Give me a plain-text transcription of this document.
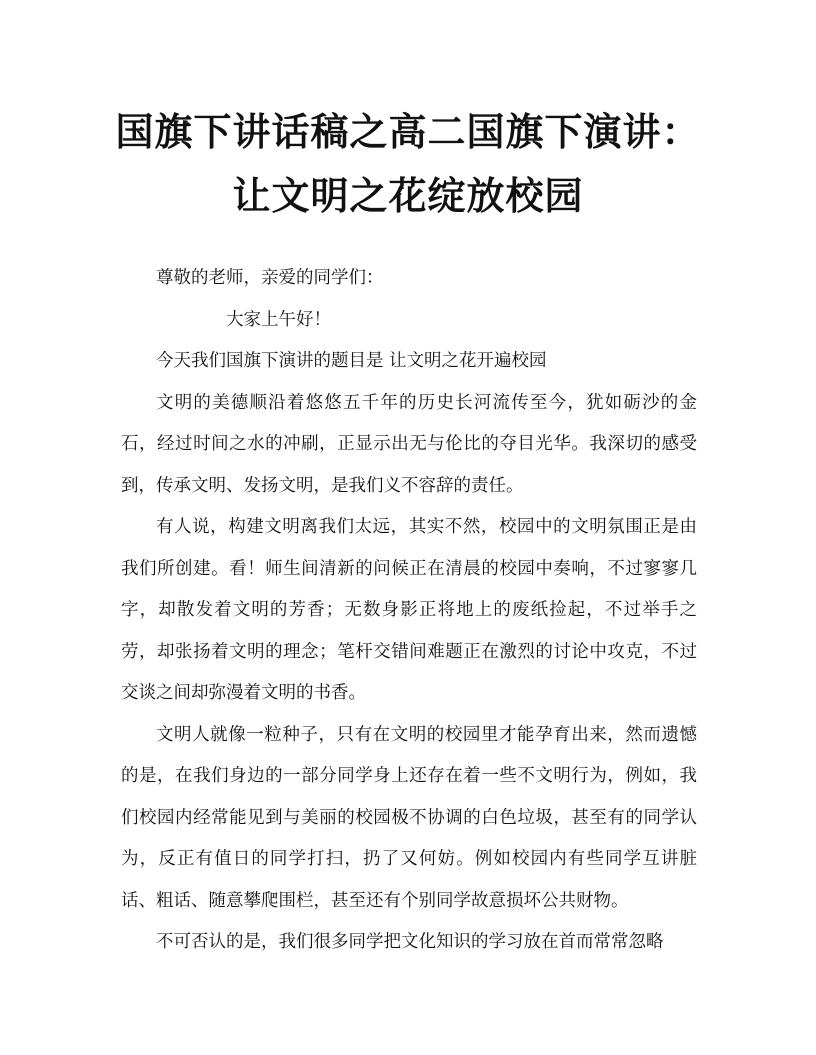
国旗下讲话稿之高二国旗下演讲：让文明之花绽放校园

尊敬的老师，亲爱的同学们：

大家上午好！

今天我们国旗下演讲的题目是 让文明之花开遍校园

文明的美德顺沿着悠悠五千年的历史长河流传至今，犹如砺沙的金石，经过时间之水的冲刷，正显示出无与伦比的夺目光华。我深切的感受到，传承文明、发扬文明，是我们义不容辞的责任。

有人说，构建文明离我们太远，其实不然，校园中的文明氛围正是由我们所创建。看！师生间清新的问候正在清晨的校园中奏响，不过寥寥几字，却散发着文明的芳香；无数身影正将地上的废纸捡起，不过举手之劳，却张扬着文明的理念；笔杆交错间难题正在激烈的讨论中攻克，不过交谈之间却弥漫着文明的书香。

文明人就像一粒种子，只有在文明的校园里才能孕育出来，然而遗憾的是，在我们身边的一部分同学身上还存在着一些不文明行为，例如，我们校园内经常能见到与美丽的校园极不协调的白色垃圾，甚至有的同学认为，反正有值日的同学打扫，扔了又何妨。例如校园内有些同学互讲脏话、粗话、随意攀爬围栏，甚至还有个别同学故意损坏公共财物。

不可否认的是，我们很多同学把文化知识的学习放在首而常常忽略
